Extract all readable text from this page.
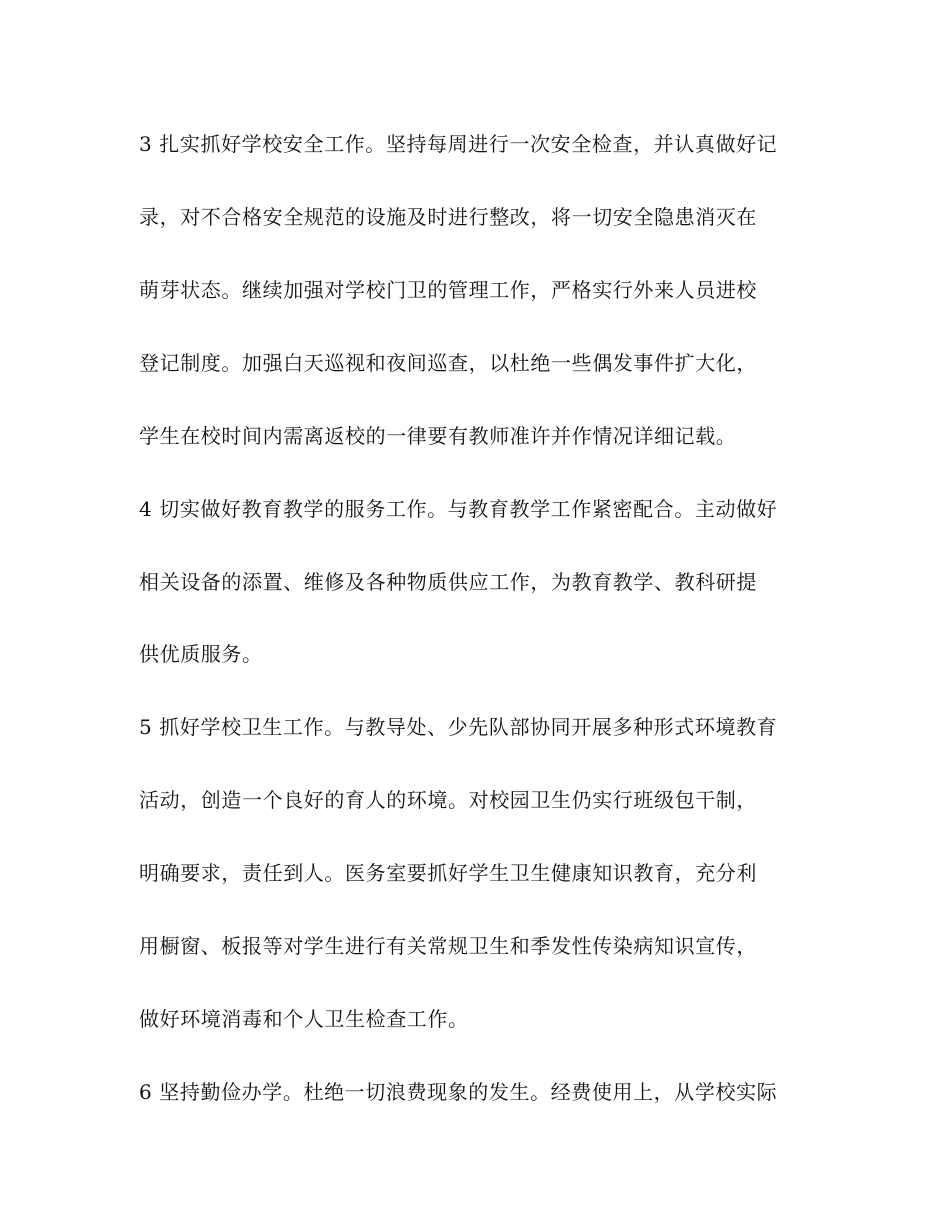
3 扎实抓好学校安全工作。坚持每周进行一次安全检查，并认真做好记
录，对不合格安全规范的设施及时进行整改，将一切安全隐患消灭在
萌芽状态。继续加强对学校门卫的管理工作，严格实行外来人员进校
登记制度。加强白天巡视和夜间巡查，以杜绝一些偶发事件扩大化，
学生在校时间内需离返校的一律要有教师准许并作情况详细记载。
4 切实做好教育教学的服务工作。与教育教学工作紧密配合。主动做好
相关设备的添置、维修及各种物质供应工作，为教育教学、教科研提
供优质服务。
5 抓好学校卫生工作。与教导处、少先队部协同开展多种形式环境教育
活动，创造一个良好的育人的环境。对校园卫生仍实行班级包干制，
明确要求，责任到人。医务室要抓好学生卫生健康知识教育，充分利
用橱窗、板报等对学生进行有关常规卫生和季发性传染病知识宣传，
做好环境消毒和个人卫生检查工作。
6 坚持勤俭办学。杜绝一切浪费现象的发生。经费使用上，从学校实际
